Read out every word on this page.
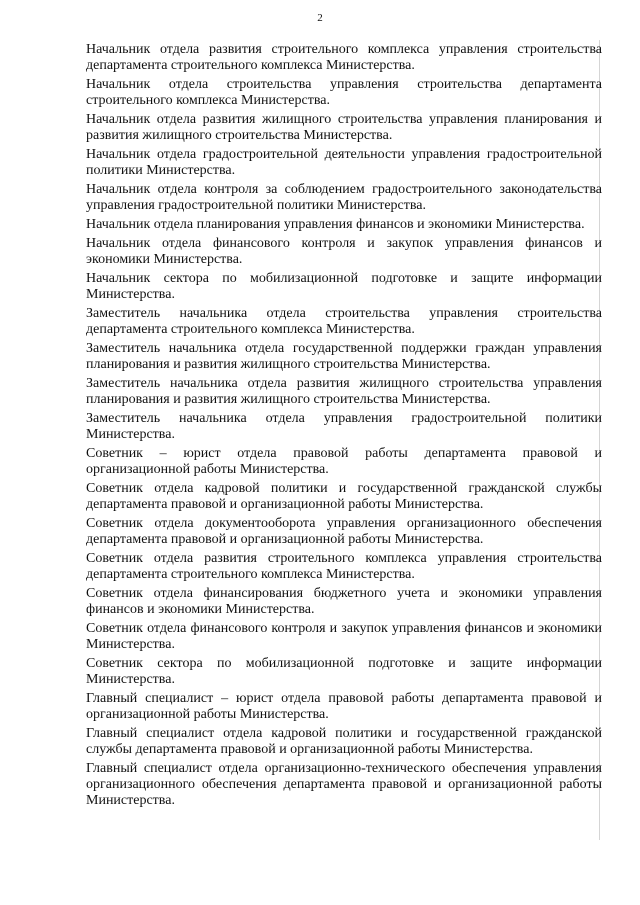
2

Начальник отдела развития строительного комплекса управления строительства департамента строительного комплекса Министерства.

Начальник отдела строительства управления строительства департамента строительного комплекса Министерства.

Начальник отдела развития жилищного строительства управления планирования и развития жилищного строительства Министерства.

Начальник отдела градостроительной деятельности управления градостроительной политики Министерства.

Начальник отдела контроля за соблюдением градостроительного законодательства управления градостроительной политики Министерства.

Начальник отдела планирования управления финансов и экономики Министерства.

Начальник отдела финансового контроля и закупок управления финансов и экономики Министерства.

Начальник сектора по мобилизационной подготовке и защите информации Министерства.

Заместитель начальника отдела строительства управления строительства департамента строительного комплекса Министерства.

Заместитель начальника отдела государственной поддержки граждан управления планирования и развития жилищного строительства Министерства.

Заместитель начальника отдела развития жилищного строительства управления планирования и развития жилищного строительства Министерства.

Заместитель начальника отдела управления градостроительной политики Министерства.

Советник – юрист отдела правовой работы департамента правовой и организационной работы Министерства.

Советник отдела кадровой политики и государственной гражданской службы департамента правовой и организационной работы Министерства.

Советник отдела документооборота управления организационного обеспечения департамента правовой и организационной работы Министерства.

Советник отдела развития строительного комплекса управления строительства департамента строительного комплекса Министерства.

Советник отдела финансирования бюджетного учета и экономики управления финансов и экономики Министерства.

Советник отдела финансового контроля и закупок управления финансов и экономики Министерства.

Советник сектора по мобилизационной подготовке и защите информации Министерства.

Главный специалист – юрист отдела правовой работы департамента правовой и организационной работы Министерства.

Главный специалист отдела кадровой политики и государственной гражданской службы департамента правовой и организационной работы Министерства.

Главный специалист отдела организационно-технического обеспечения управления организационного обеспечения департамента правовой и организационной работы Министерства.
